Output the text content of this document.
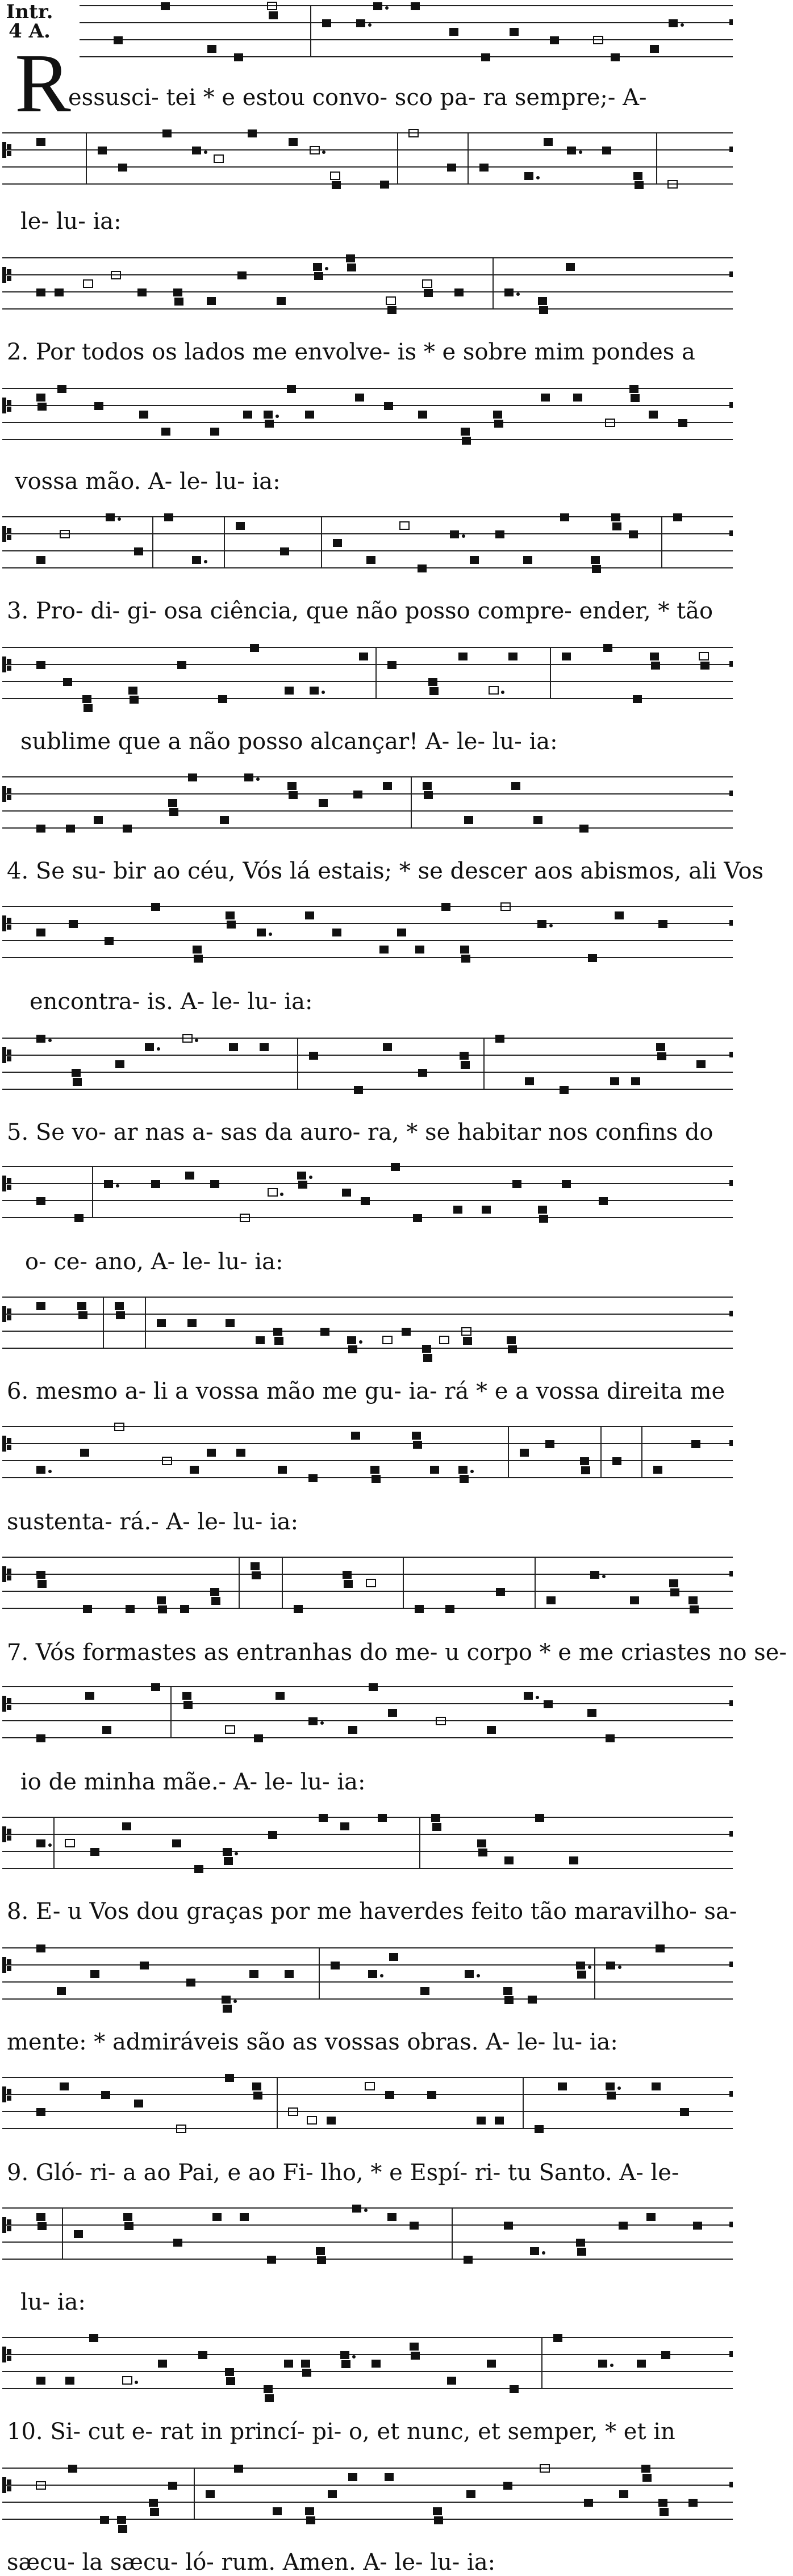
Intr.
4 A.
R
essusci- tei * e estou convo- sco pa- ra sempre;- A-
le- lu- ia:
2. Por todos os lados me envolve- is * e sobre mim pondes a
vossa mão. A- le- lu- ia:
3. Pro- di- gi- osa ciência, que não posso compre- ender, * tão
sublime que a não posso alcançar! A- le- lu- ia:
4. Se su- bir ao céu, Vós lá estais; * se descer aos abismos, ali Vos
encontra- is. A- le- lu- ia:
5. Se vo- ar nas a- sas da auro- ra, * se habitar nos confins do
o- ce- ano, A- le- lu- ia:
6. mesmo a- li a vossa mão me gu- ia- rá * e a vossa direita me
sustenta- rá.- A- le- lu- ia:
7. Vós formastes as entranhas do me- u corpo * e me criastes no se-
io de minha mãe.- A- le- lu- ia:
8. E- u Vos dou graças por me haverdes feito tão maravilho- sa-
mente: * admiráveis são as vossas obras. A- le- lu- ia:
9. Gló- ri- a ao Pai, e ao Fi- lho, * e Espí- ri- tu Santo. A- le-
lu- ia:
10. Si- cut e- rat in princí- pi- o, et nunc, et semper, * et in
sæcu- la sæcu- ló- rum. Amen. A- le- lu- ia:
